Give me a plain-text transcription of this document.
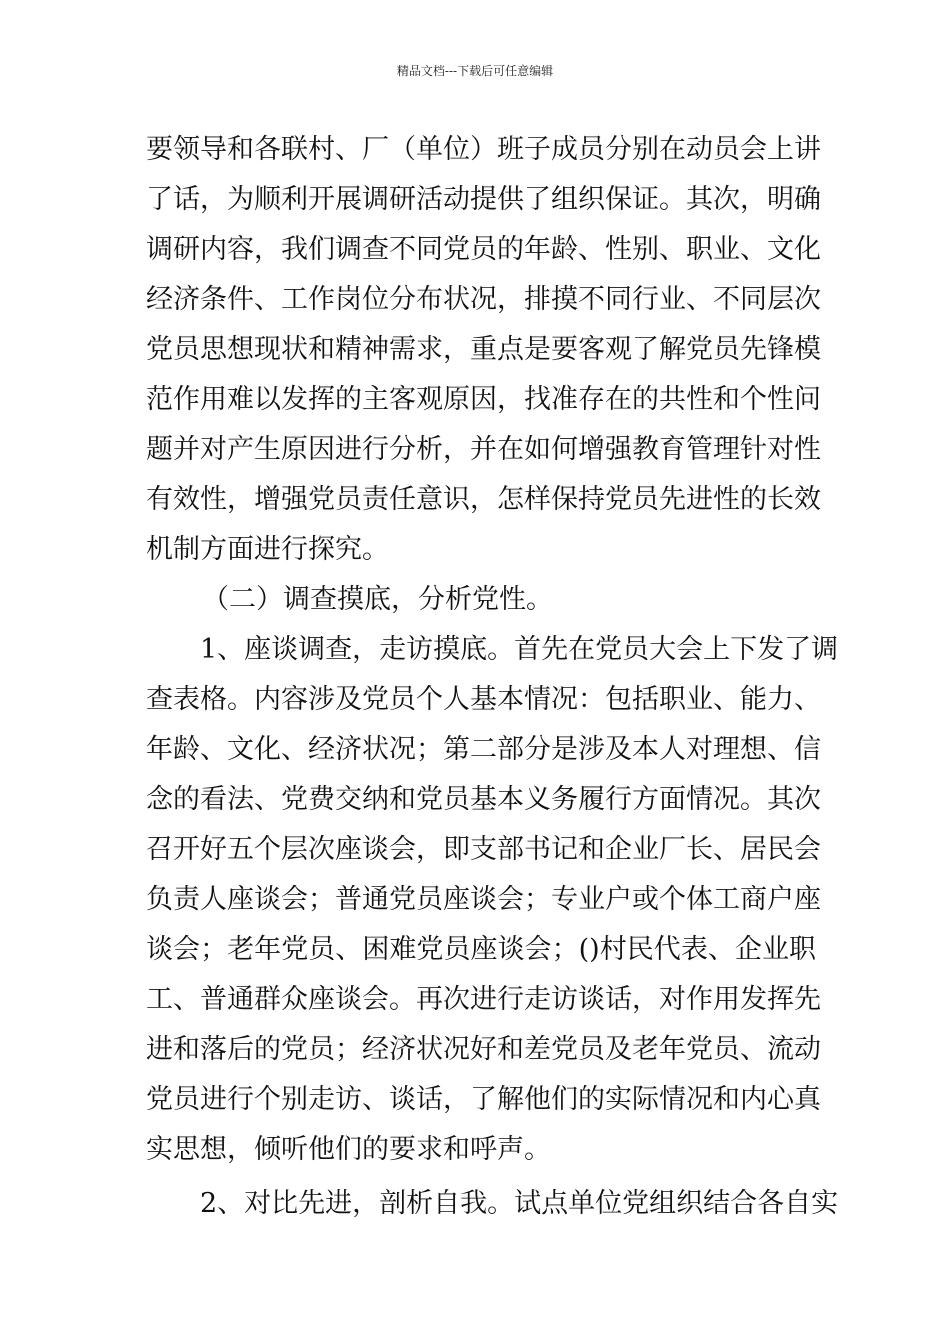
精品文档---下载后可任意编辑
要领导和各联村、厂（单位）班子成员分别在动员会上讲
了话，为顺利开展调研活动提供了组织保证。其次，明确
调研内容，我们调查不同党员的年龄、性别、职业、文化
经济条件、工作岗位分布状况，排摸不同行业、不同层次
党员思想现状和精神需求，重点是要客观了解党员先锋模
范作用难以发挥的主客观原因，找准存在的共性和个性问
题并对产生原因进行分析，并在如何增强教育管理针对性
有效性，增强党员责任意识，怎样保持党员先进性的长效
机制方面进行探究。
（二）调查摸底，分析党性。
1、座谈调查，走访摸底。首先在党员大会上下发了调
查表格。内容涉及党员个人基本情况：包括职业、能力、
年龄、文化、经济状况；第二部分是涉及本人对理想、信
念的看法、党费交纳和党员基本义务履行方面情况。其次
召开好五个层次座谈会，即支部书记和企业厂长、居民会
负责人座谈会；普通党员座谈会；专业户或个体工商户座
谈会；老年党员、困难党员座谈会；()村民代表、企业职
工、普通群众座谈会。再次进行走访谈话，对作用发挥先
进和落后的党员；经济状况好和差党员及老年党员、流动
党员进行个别走访、谈话，了解他们的实际情况和内心真
实思想，倾听他们的要求和呼声。
2、对比先进，剖析自我。试点单位党组织结合各自实
